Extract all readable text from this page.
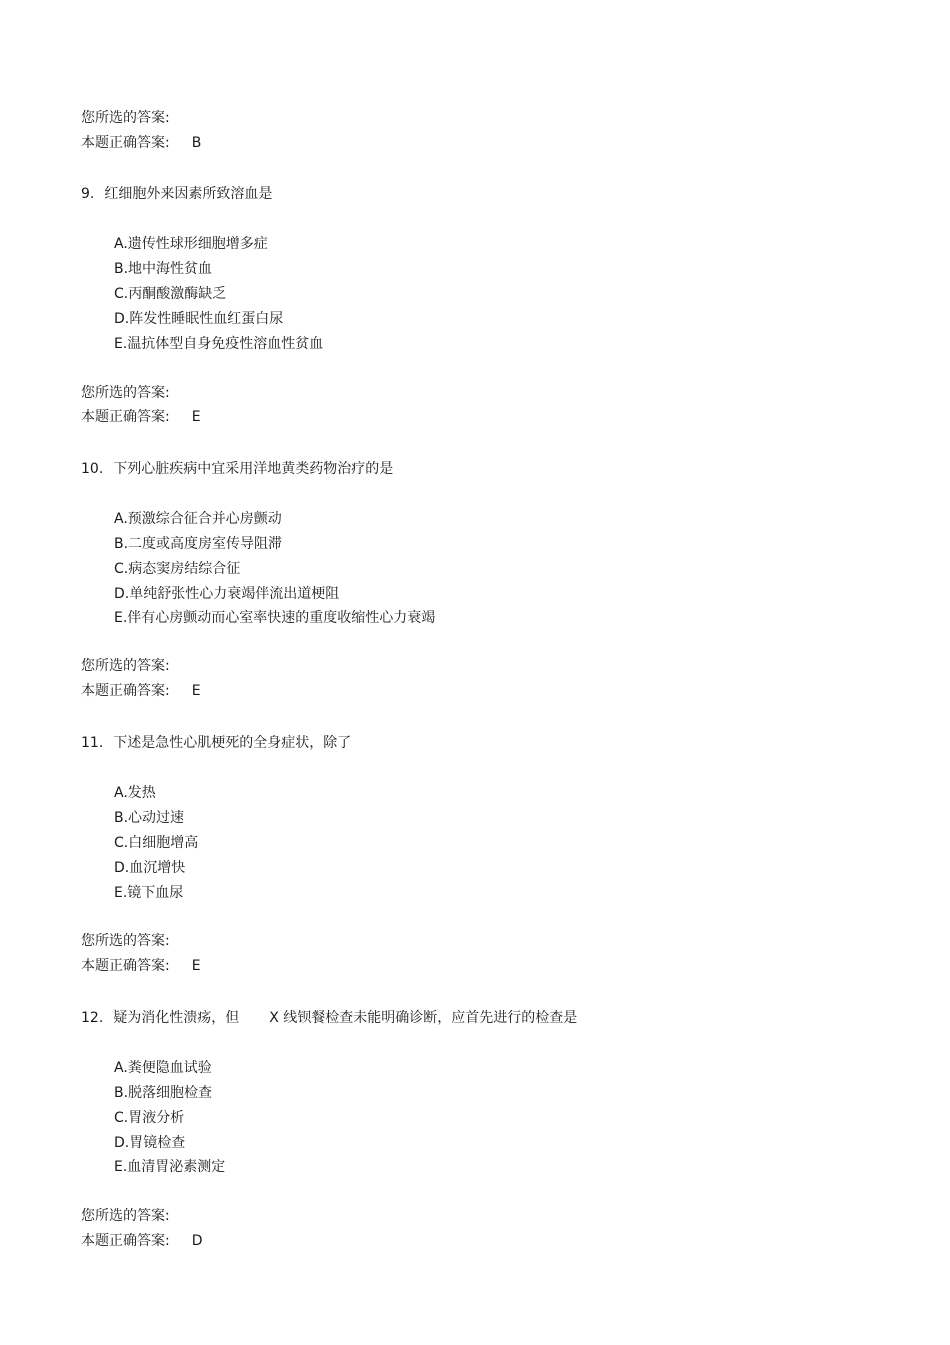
您所选的答案:
本题正确答案: B
9. 红细胞外来因素所致溶血是
A.遗传性球形细胞增多症
B.地中海性贫血
C.丙酮酸激酶缺乏
D.阵发性睡眠性血红蛋白尿
E.温抗体型自身免疫性溶血性贫血
您所选的答案:
本题正确答案: E
10. 下列心脏疾病中宜采用洋地黄类药物治疗的是
A.预激综合征合并心房颤动
B.二度或高度房室传导阻滞
C.病态窦房结综合征
D.单纯舒张性心力衰竭伴流出道梗阻
E.伴有心房颤动而心室率快速的重度收缩性心力衰竭
您所选的答案:
本题正确答案: E
11. 下述是急性心肌梗死的全身症状，除了
A.发热
B.心动过速
C.白细胞增高
D.血沉增快
E.镜下血尿
您所选的答案:
本题正确答案: E
12. 疑为消化性溃疡，但 X 线钡餐检查未能明确诊断，应首先进行的检查是
A.粪便隐血试验
B.脱落细胞检查
C.胃液分析
D.胃镜检查
E.血清胃泌素测定
您所选的答案:
本题正确答案: D
